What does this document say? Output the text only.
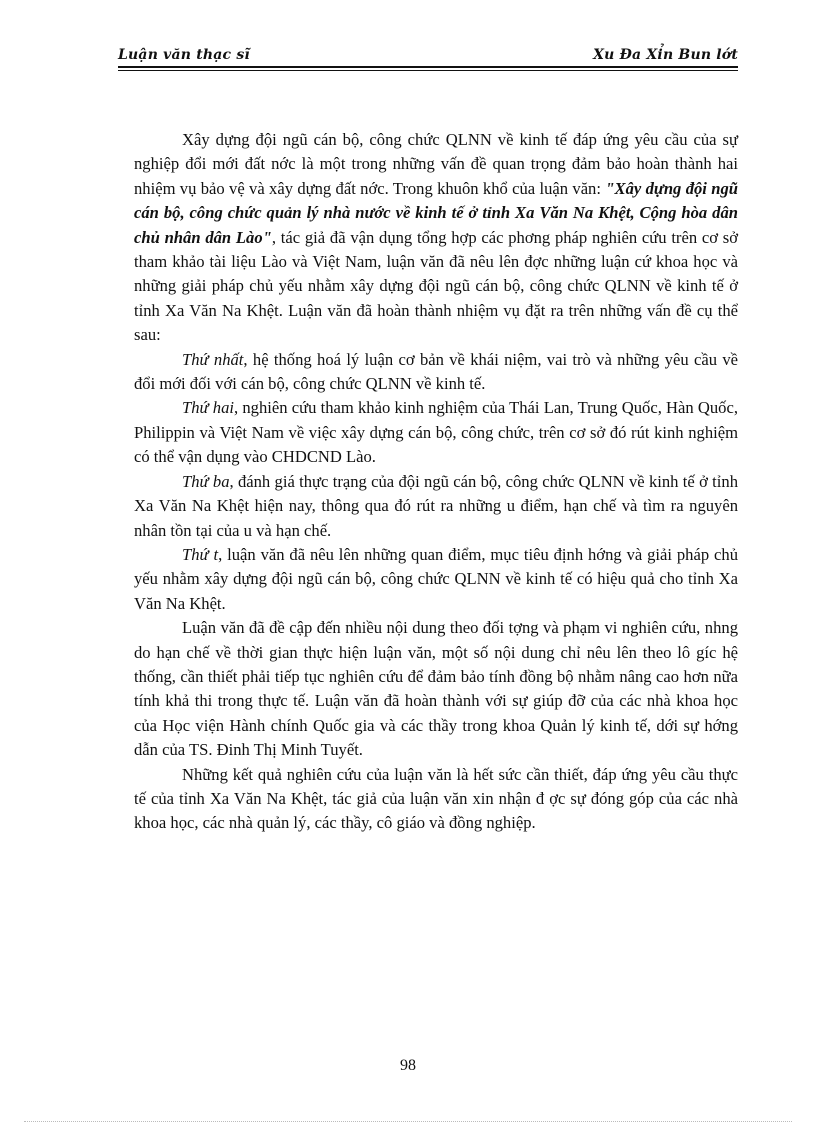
Luận văn thạc sĩ	Xu Đa Xỉn Bun lớt

Xây dựng đội ngũ cán bộ, công chức QLNN về kinh tế đáp ứng yêu cầu của sự nghiệp đổi mới đất nớc là một trong những vấn đề quan trọng đảm bảo hoàn thành hai nhiệm vụ bảo vệ và xây dựng đất nớc. Trong khuôn khổ của luận văn: "Xây dựng đội ngũ cán bộ, công chức quản lý nhà nước về kinh tế ở tỉnh Xa Văn Na Khệt, Cộng hòa dân chủ nhân dân Lào", tác giả đã vận dụng tổng hợp các phơng pháp nghiên cứu trên cơ sở tham khảo tài liệu Lào và Việt Nam, luận văn đã nêu lên đợc những luận cứ khoa học và những giải pháp chủ yếu nhằm xây dựng đội ngũ cán bộ, công chức QLNN về kinh tế ở tỉnh Xa Văn Na Khệt. Luận văn đã hoàn thành nhiệm vụ đặt ra trên những vấn đề cụ thể sau:

Thứ nhất, hệ thống hoá lý luận cơ bản về khái niệm, vai trò và những yêu cầu về đổi mới đối với cán bộ, công chức QLNN về kinh tế.

Thứ hai, nghiên cứu tham khảo kinh nghiệm của Thái Lan, Trung Quốc, Hàn Quốc, Philippin và Việt Nam về việc xây dựng cán bộ, công chức, trên cơ sở đó rút kinh nghiệm có thể vận dụng vào CHDCND Lào.

Thứ ba, đánh giá thực trạng của đội ngũ cán bộ, công chức QLNN về kinh tế ở tỉnh Xa Văn Na Khệt hiện nay, thông qua đó rút ra những u điểm, hạn chế và tìm ra nguyên nhân tồn tại của u và hạn chế.

Thứ t, luận văn đã nêu lên những quan điểm, mục tiêu định hớng và giải pháp chủ yếu nhằm xây dựng đội ngũ cán bộ, công chức QLNN về kinh tế có hiệu quả cho tỉnh Xa Văn Na Khệt.

Luận văn đã đề cập đến nhiều nội dung theo đối tợng và phạm vi nghiên cứu, nhng do hạn chế về thời gian thực hiện luận văn, một số nội dung chỉ nêu lên theo lô gíc hệ thống, cần thiết phải tiếp tục nghiên cứu để đảm bảo tính đồng bộ nhằm nâng cao hơn nữa tính khả thi trong thực tế. Luận văn đã hoàn thành với sự giúp đỡ của các nhà khoa học của Học viện Hành chính Quốc gia và các thầy trong khoa Quản lý kinh tế, dới sự hớng dẫn của TS. Đinh Thị Minh Tuyết.

Những kết quả nghiên cứu của luận văn là hết sức cần thiết, đáp ứng yêu cầu thực tế của tỉnh Xa Văn Na Khệt, tác giả của luận văn xin nhận đ ợc sự đóng góp của các nhà khoa học, các nhà quản lý, các thầy, cô giáo và đồng nghiệp.

98
